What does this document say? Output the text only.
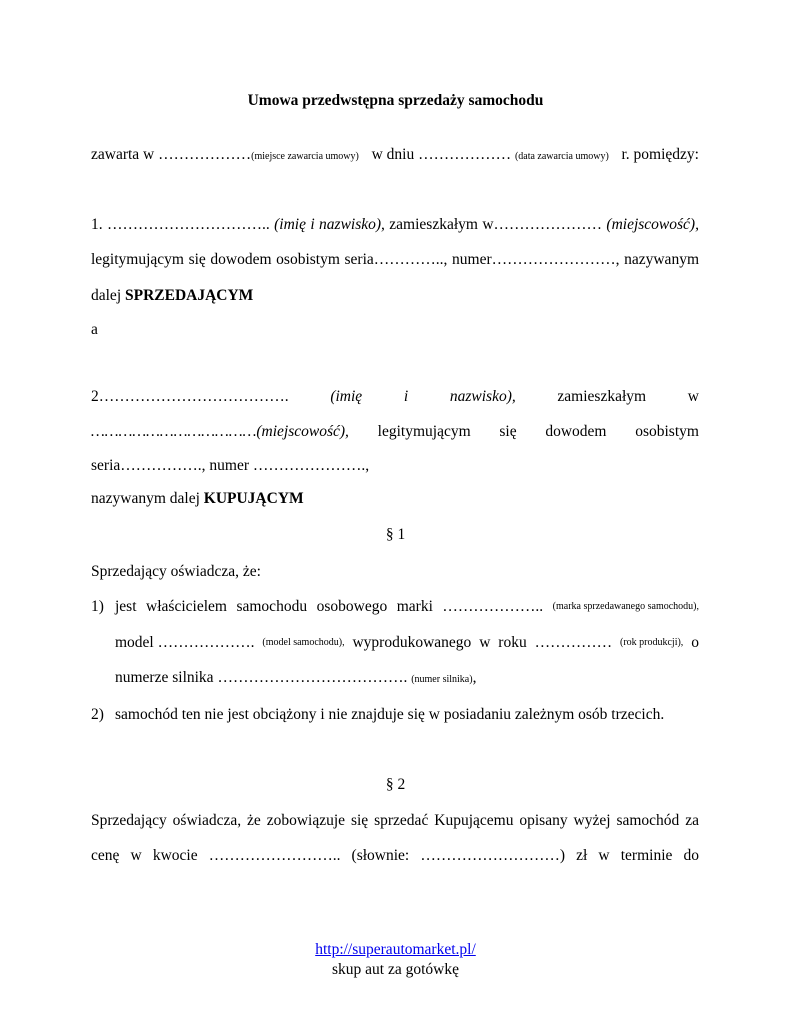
Umowa przedwstępna sprzedaży samochodu
zawarta w ………………(miejsce zawarcia umowy) w dniu ……………… (data zawarcia umowy) r. pomiędzy:
1. ………………………….. (imię i nazwisko), zamieszkałym w………………… (miejscowość),
legitymującym się dowodem osobistym seria………….., numer……………………, nazywanym
dalej SPRZEDAJĄCYM
a
2……………………………….	(imię	i	nazwisko),	zamieszkałym	w
………………………………(miejscowość), legitymującym się dowodem osobistym
seria……………., numer ………………….,
nazywanym dalej KUPUJĄCYM
§ 1
Sprzedający oświadcza, że:
1) jest właścicielem samochodu osobowego marki ……………….. (marka sprzedawanego samochodu),
model ………………. (model samochodu), wyprodukowanego w roku …………… (rok produkcji), o
numerze silnika ………………………………. (numer silnika),
2) samochód ten nie jest obciążony i nie znajduje się w posiadaniu zależnym osób trzecich.
§ 2
Sprzedający oświadcza, że zobowiązuje się sprzedać Kupującemu opisany wyżej samochód za
cenę w kwocie …………………….. (słownie: ………………………) zł w terminie do
http://superautomarket.pl/
skup aut za gotówkę
